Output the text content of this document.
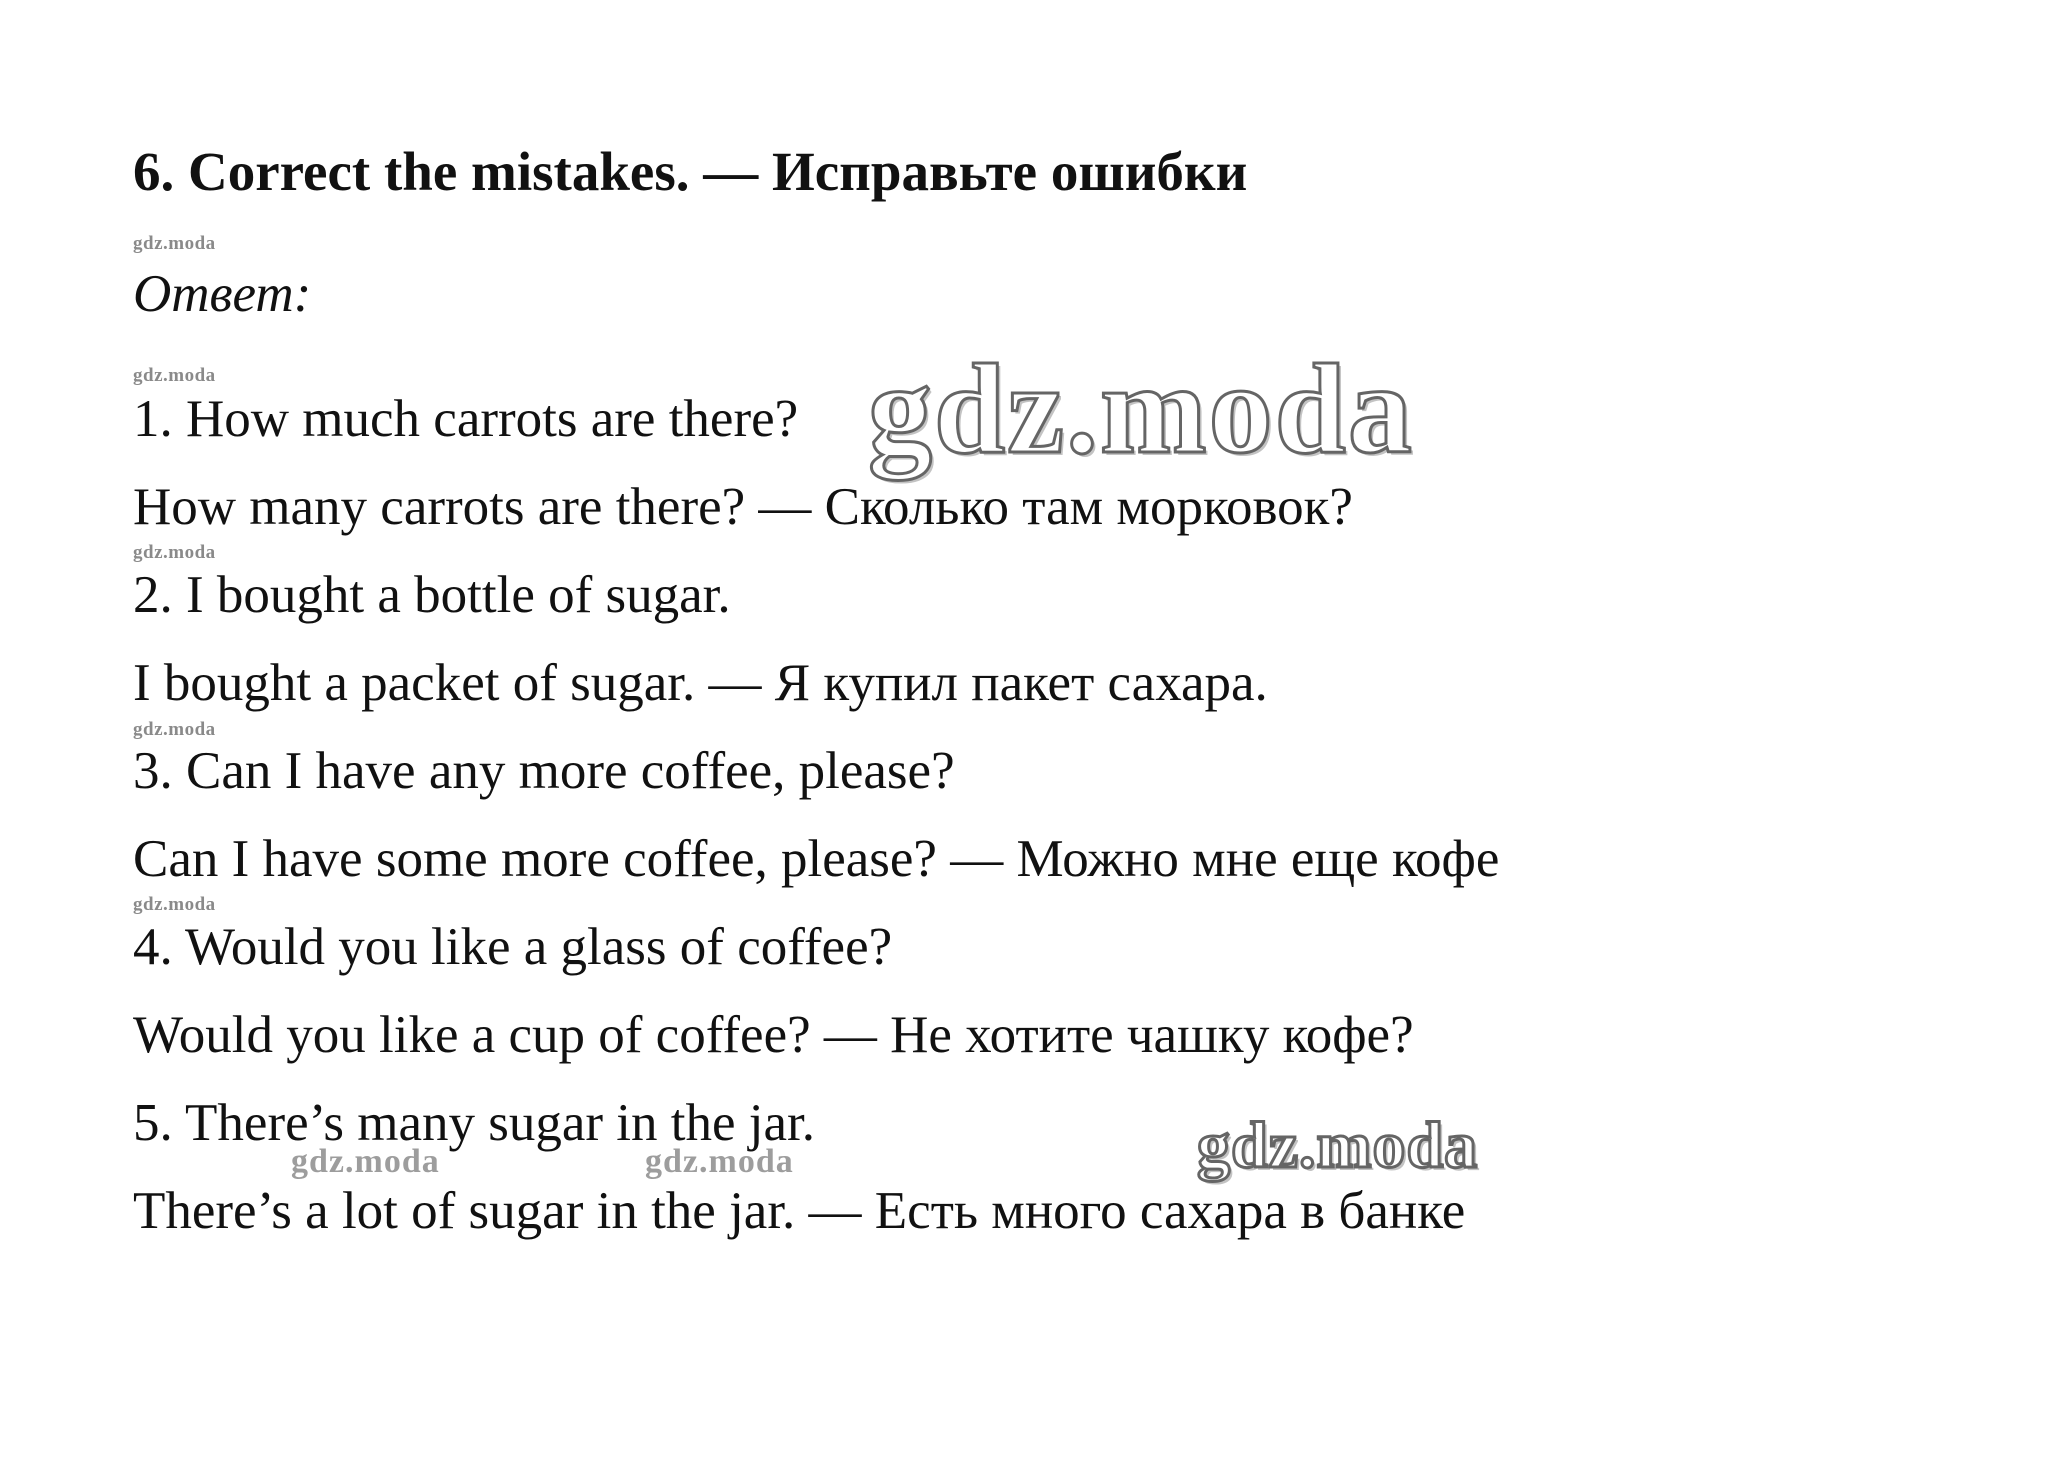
6. Correct the mistakes. — Исправьте ошибки
gdz.moda
Ответ:
gdz.moda
1. How much carrots are there? gdz.moda
How many carrots are there? — Сколько там морковок?
gdz.moda
2. I bought a bottle of sugar.
I bought a packet of sugar. — Я купил пакет сахара.
gdz.moda
3. Can I have any more coffee, please?
Can I have some more coffee, please? — Можно мне еще кофе
gdz.moda
4. Would you like a glass of coffee?
Would you like a cup of coffee? — Не хотите чашку кофе?
5. There’s many sugar in the jar.	gdz.moda
gdz.moda	gdz.moda
There’s a lot of sugar in the jar. — Есть много сахара в банке
